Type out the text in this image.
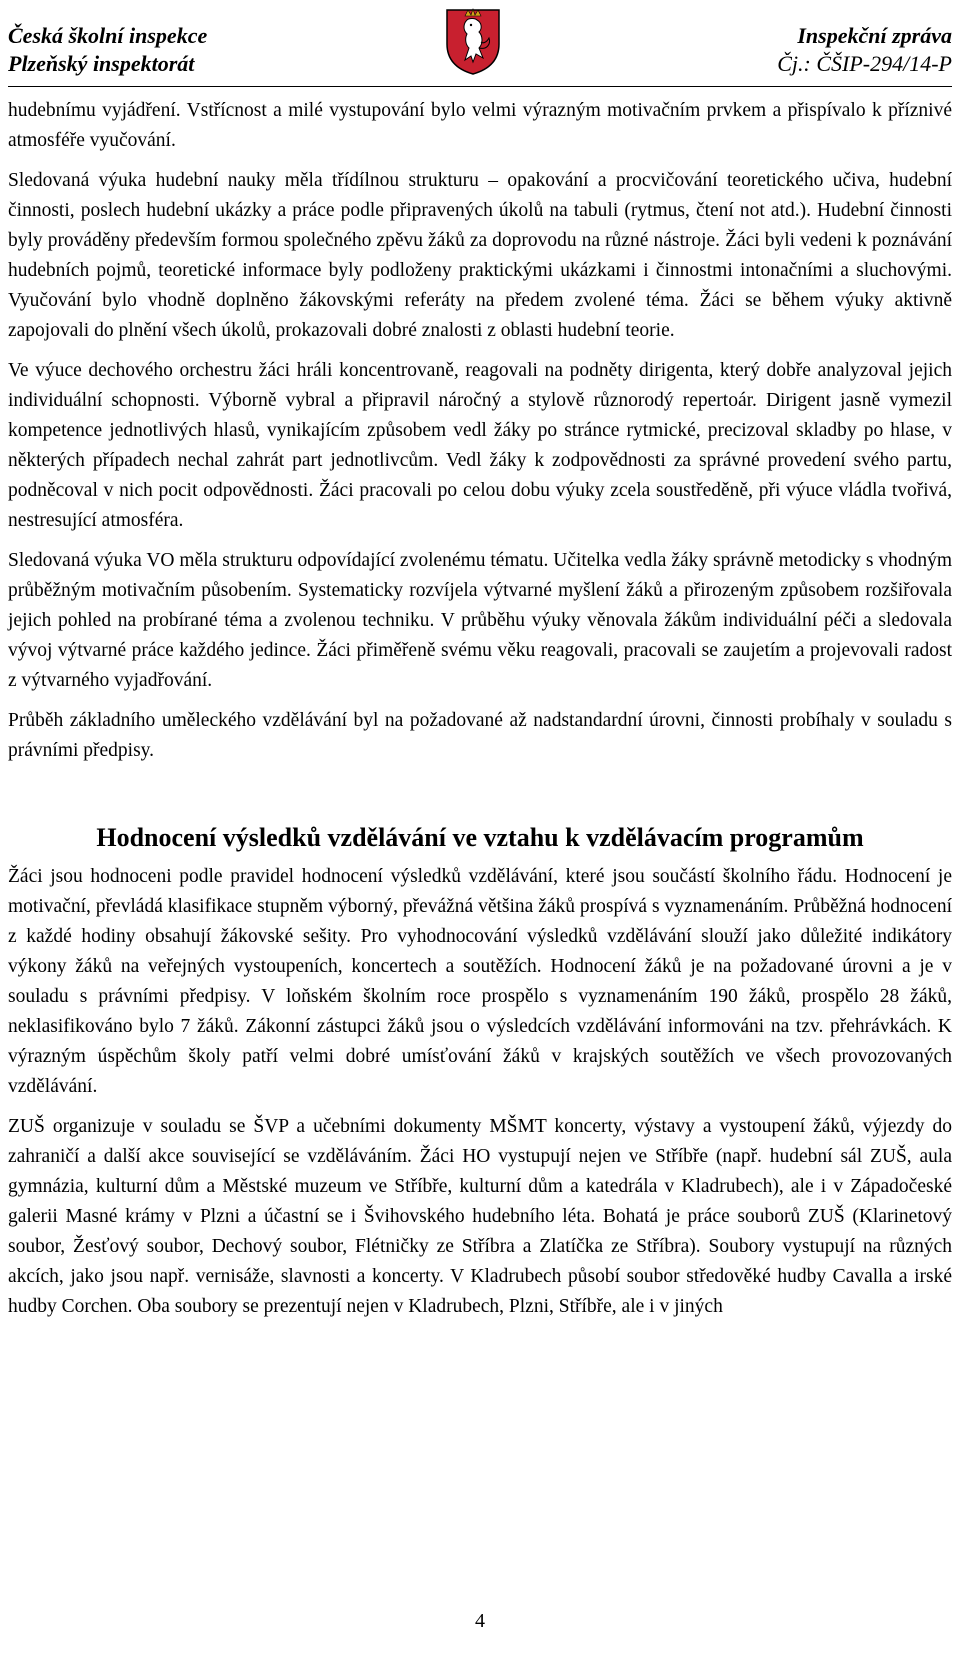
Česká školní inspekce
Plzeňský inspektorát
Inspekční zpráva
Čj.: ČŠIP-294/14-P

hudebnímu vyjádření. Vstřícnost a milé vystupování bylo velmi výrazným motivačním prvkem a přispívalo k příznivé atmosféře vyučování.

Sledovaná výuka hudební nauky měla třídílnou strukturu – opakování a procvičování teoretického učiva, hudební činnosti, poslech hudební ukázky a práce podle připravených úkolů na tabuli (rytmus, čtení not atd.). Hudební činnosti byly prováděny především formou společného zpěvu žáků za doprovodu na různé nástroje. Žáci byli vedeni k poznávání hudebních pojmů, teoretické informace byly podloženy praktickými ukázkami i činnostmi intonačními a sluchovými. Vyučování bylo vhodně doplněno žákovskými referáty na předem zvolené téma. Žáci se během výuky aktivně zapojovali do plnění všech úkolů, prokazovali dobré znalosti z oblasti hudební teorie.

Ve výuce dechového orchestru žáci hráli koncentrovaně, reagovali na podněty dirigenta, který dobře analyzoval jejich individuální schopnosti. Výborně vybral a připravil náročný a stylově různorodý repertoár. Dirigent jasně vymezil kompetence jednotlivých hlasů, vynikajícím způsobem vedl žáky po stránce rytmické, precizoval skladby po hlase, v některých případech nechal zahrát part jednotlivcům. Vedl žáky k zodpovědnosti za správné provedení svého partu, podněcoval v nich pocit odpovědnosti. Žáci pracovali po celou dobu výuky zcela soustředěně, při výuce vládla tvořivá, nestresující atmosféra.

Sledovaná výuka VO měla strukturu odpovídající zvolenému tématu. Učitelka vedla žáky správně metodicky s vhodným průběžným motivačním působením. Systematicky rozvíjela výtvarné myšlení žáků a přirozeným způsobem rozšiřovala jejich pohled na probírané téma a zvolenou techniku. V průběhu výuky věnovala žákům individuální péči a sledovala vývoj výtvarné práce každého jedince. Žáci přiměřeně svému věku reagovali, pracovali se zaujetím a projevovali radost z výtvarného vyjadřování.

Průběh základního uměleckého vzdělávání byl na požadované až nadstandardní úrovni, činnosti probíhaly v souladu s právními předpisy.

Hodnocení výsledků vzdělávání ve vztahu k vzdělávacím programům

Žáci jsou hodnoceni podle pravidel hodnocení výsledků vzdělávání, které jsou součástí školního řádu. Hodnocení je motivační, převládá klasifikace stupněm výborný, převážná většina žáků prospívá s vyznamenáním. Průběžná hodnocení z každé hodiny obsahují žákovské sešity. Pro vyhodnocování výsledků vzdělávání slouží jako důležité indikátory výkony žáků na veřejných vystoupeních, koncertech a soutěžích. Hodnocení žáků je na požadované úrovni a je v souladu s právními předpisy. V loňském školním roce prospělo s vyznamenáním 190 žáků, prospělo 28 žáků, neklasifikováno bylo 7 žáků. Zákonní zástupci žáků jsou o výsledcích vzdělávání informováni na tzv. přehrávkách. K výrazným úspěchům školy patří velmi dobré umísťování žáků v krajských soutěžích ve všech provozovaných vzdělávání.

ZUŠ organizuje v souladu se ŠVP a učebními dokumenty MŠMT koncerty, výstavy a vystoupení žáků, výjezdy do zahraničí a další akce související se vzděláváním. Žáci HO vystupují nejen ve Stříbře (např. hudební sál ZUŠ, aula gymnázia, kulturní dům a Městské muzeum ve Stříbře, kulturní dům a katedrála v Kladrubech), ale i v Západočeské galerii Masné krámy v Plzni a účastní se i Švihovského hudebního léta. Bohatá je práce souborů ZUŠ (Klarinetový soubor, Žesťový soubor, Dechový soubor, Flétničky ze Stříbra a Zlatíčka ze Stříbra). Soubory vystupují na různých akcích, jako jsou např. vernisáže, slavnosti a koncerty. V Kladrubech působí soubor středověké hudby Cavalla a irské hudby Corchen. Oba soubory se prezentují nejen v Kladrubech, Plzni, Stříbře, ale i v jiných

4
